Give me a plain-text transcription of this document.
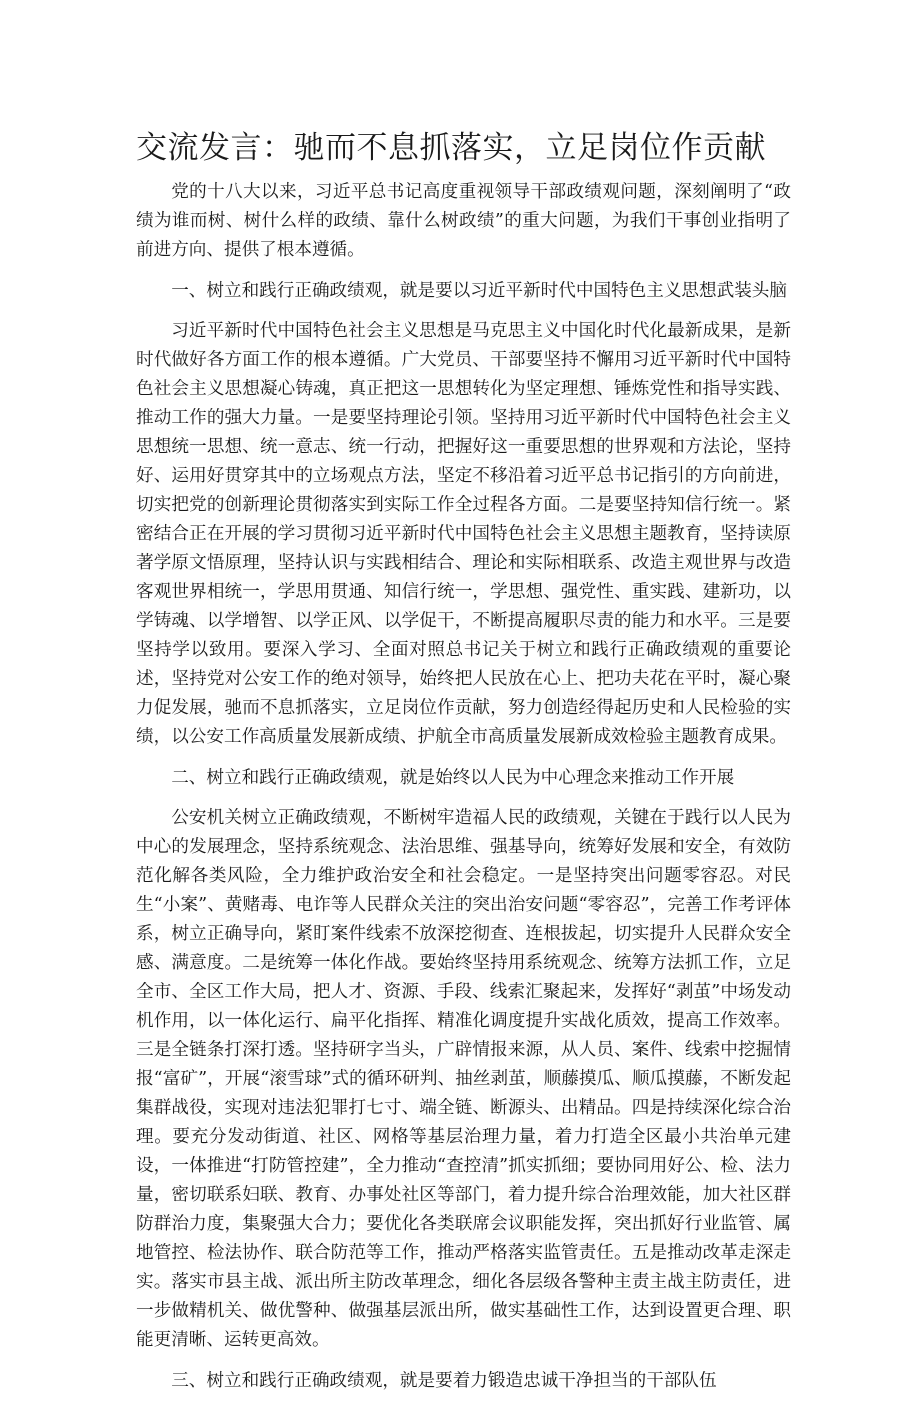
交流发言：驰而不息抓落实，立足岗位作贡献

党的十八大以来，习近平总书记高度重视领导干部政绩观问题，深刻阐明了“政绩为谁而树、树什么样的政绩、靠什么树政绩”的重大问题，为我们干事创业指明了前进方向、提供了根本遵循。

一、树立和践行正确政绩观，就是要以习近平新时代中国特色主义思想武装头脑

习近平新时代中国特色社会主义思想是马克思主义中国化时代化最新成果，是新时代做好各方面工作的根本遵循。广大党员、干部要坚持不懈用习近平新时代中国特色社会主义思想凝心铸魂，真正把这一思想转化为坚定理想、锤炼党性和指导实践、推动工作的强大力量。一是要坚持理论引领。坚持用习近平新时代中国特色社会主义思想统一思想、统一意志、统一行动，把握好这一重要思想的世界观和方法论，坚持好、运用好贯穿其中的立场观点方法，坚定不移沿着习近平总书记指引的方向前进，切实把党的创新理论贯彻落实到实际工作全过程各方面。二是要坚持知信行统一。紧密结合正在开展的学习贯彻习近平新时代中国特色社会主义思想主题教育，坚持读原著学原文悟原理，坚持认识与实践相结合、理论和实际相联系、改造主观世界与改造客观世界相统一，学思用贯通、知信行统一，学思想、强党性、重实践、建新功，以学铸魂、以学增智、以学正风、以学促干，不断提高履职尽责的能力和水平。三是要坚持学以致用。要深入学习、全面对照总书记关于树立和践行正确政绩观的重要论述，坚持党对公安工作的绝对领导，始终把人民放在心上、把功夫花在平时，凝心聚力促发展，驰而不息抓落实，立足岗位作贡献，努力创造经得起历史和人民检验的实绩，以公安工作高质量发展新成绩、护航全市高质量发展新成效检验主题教育成果。

二、树立和践行正确政绩观，就是始终以人民为中心理念来推动工作开展

公安机关树立正确政绩观，不断树牢造福人民的政绩观，关键在于践行以人民为中心的发展理念，坚持系统观念、法治思维、强基导向，统筹好发展和安全，有效防范化解各类风险，全力维护政治安全和社会稳定。一是坚持突出问题零容忍。对民生“小案”、黄赌毒、电诈等人民群众关注的突出治安问题“零容忍”，完善工作考评体系，树立正确导向，紧盯案件线索不放深挖彻查、连根拔起，切实提升人民群众安全感、满意度。二是统筹一体化作战。要始终坚持用系统观念、统筹方法抓工作，立足全市、全区工作大局，把人才、资源、手段、线索汇聚起来，发挥好“剥茧”中场发动机作用，以一体化运行、扁平化指挥、精准化调度提升实战化质效，提高工作效率。三是全链条打深打透。坚持研字当头，广辟情报来源，从人员、案件、线索中挖掘情报“富矿”，开展“滚雪球”式的循环研判、抽丝剥茧，顺藤摸瓜、顺瓜摸藤，不断发起集群战役，实现对违法犯罪打七寸、端全链、断源头、出精品。四是持续深化综合治理。要充分发动街道、社区、网格等基层治理力量，着力打造全区最小共治单元建设，一体推进“打防管控建”，全力推动“查控清”抓实抓细；要协同用好公、检、法力量，密切联系妇联、教育、办事处社区等部门，着力提升综合治理效能，加大社区群防群治力度，集聚强大合力；要优化各类联席会议职能发挥，突出抓好行业监管、属地管控、检法协作、联合防范等工作，推动严格落实监管责任。五是推动改革走深走实。落实市县主战、派出所主防改革理念，细化各层级各警种主责主战主防责任，进一步做精机关、做优警种、做强基层派出所，做实基础性工作，达到设置更合理、职能更清晰、运转更高效。

三、树立和践行正确政绩观，就是要着力锻造忠诚干净担当的干部队伍
